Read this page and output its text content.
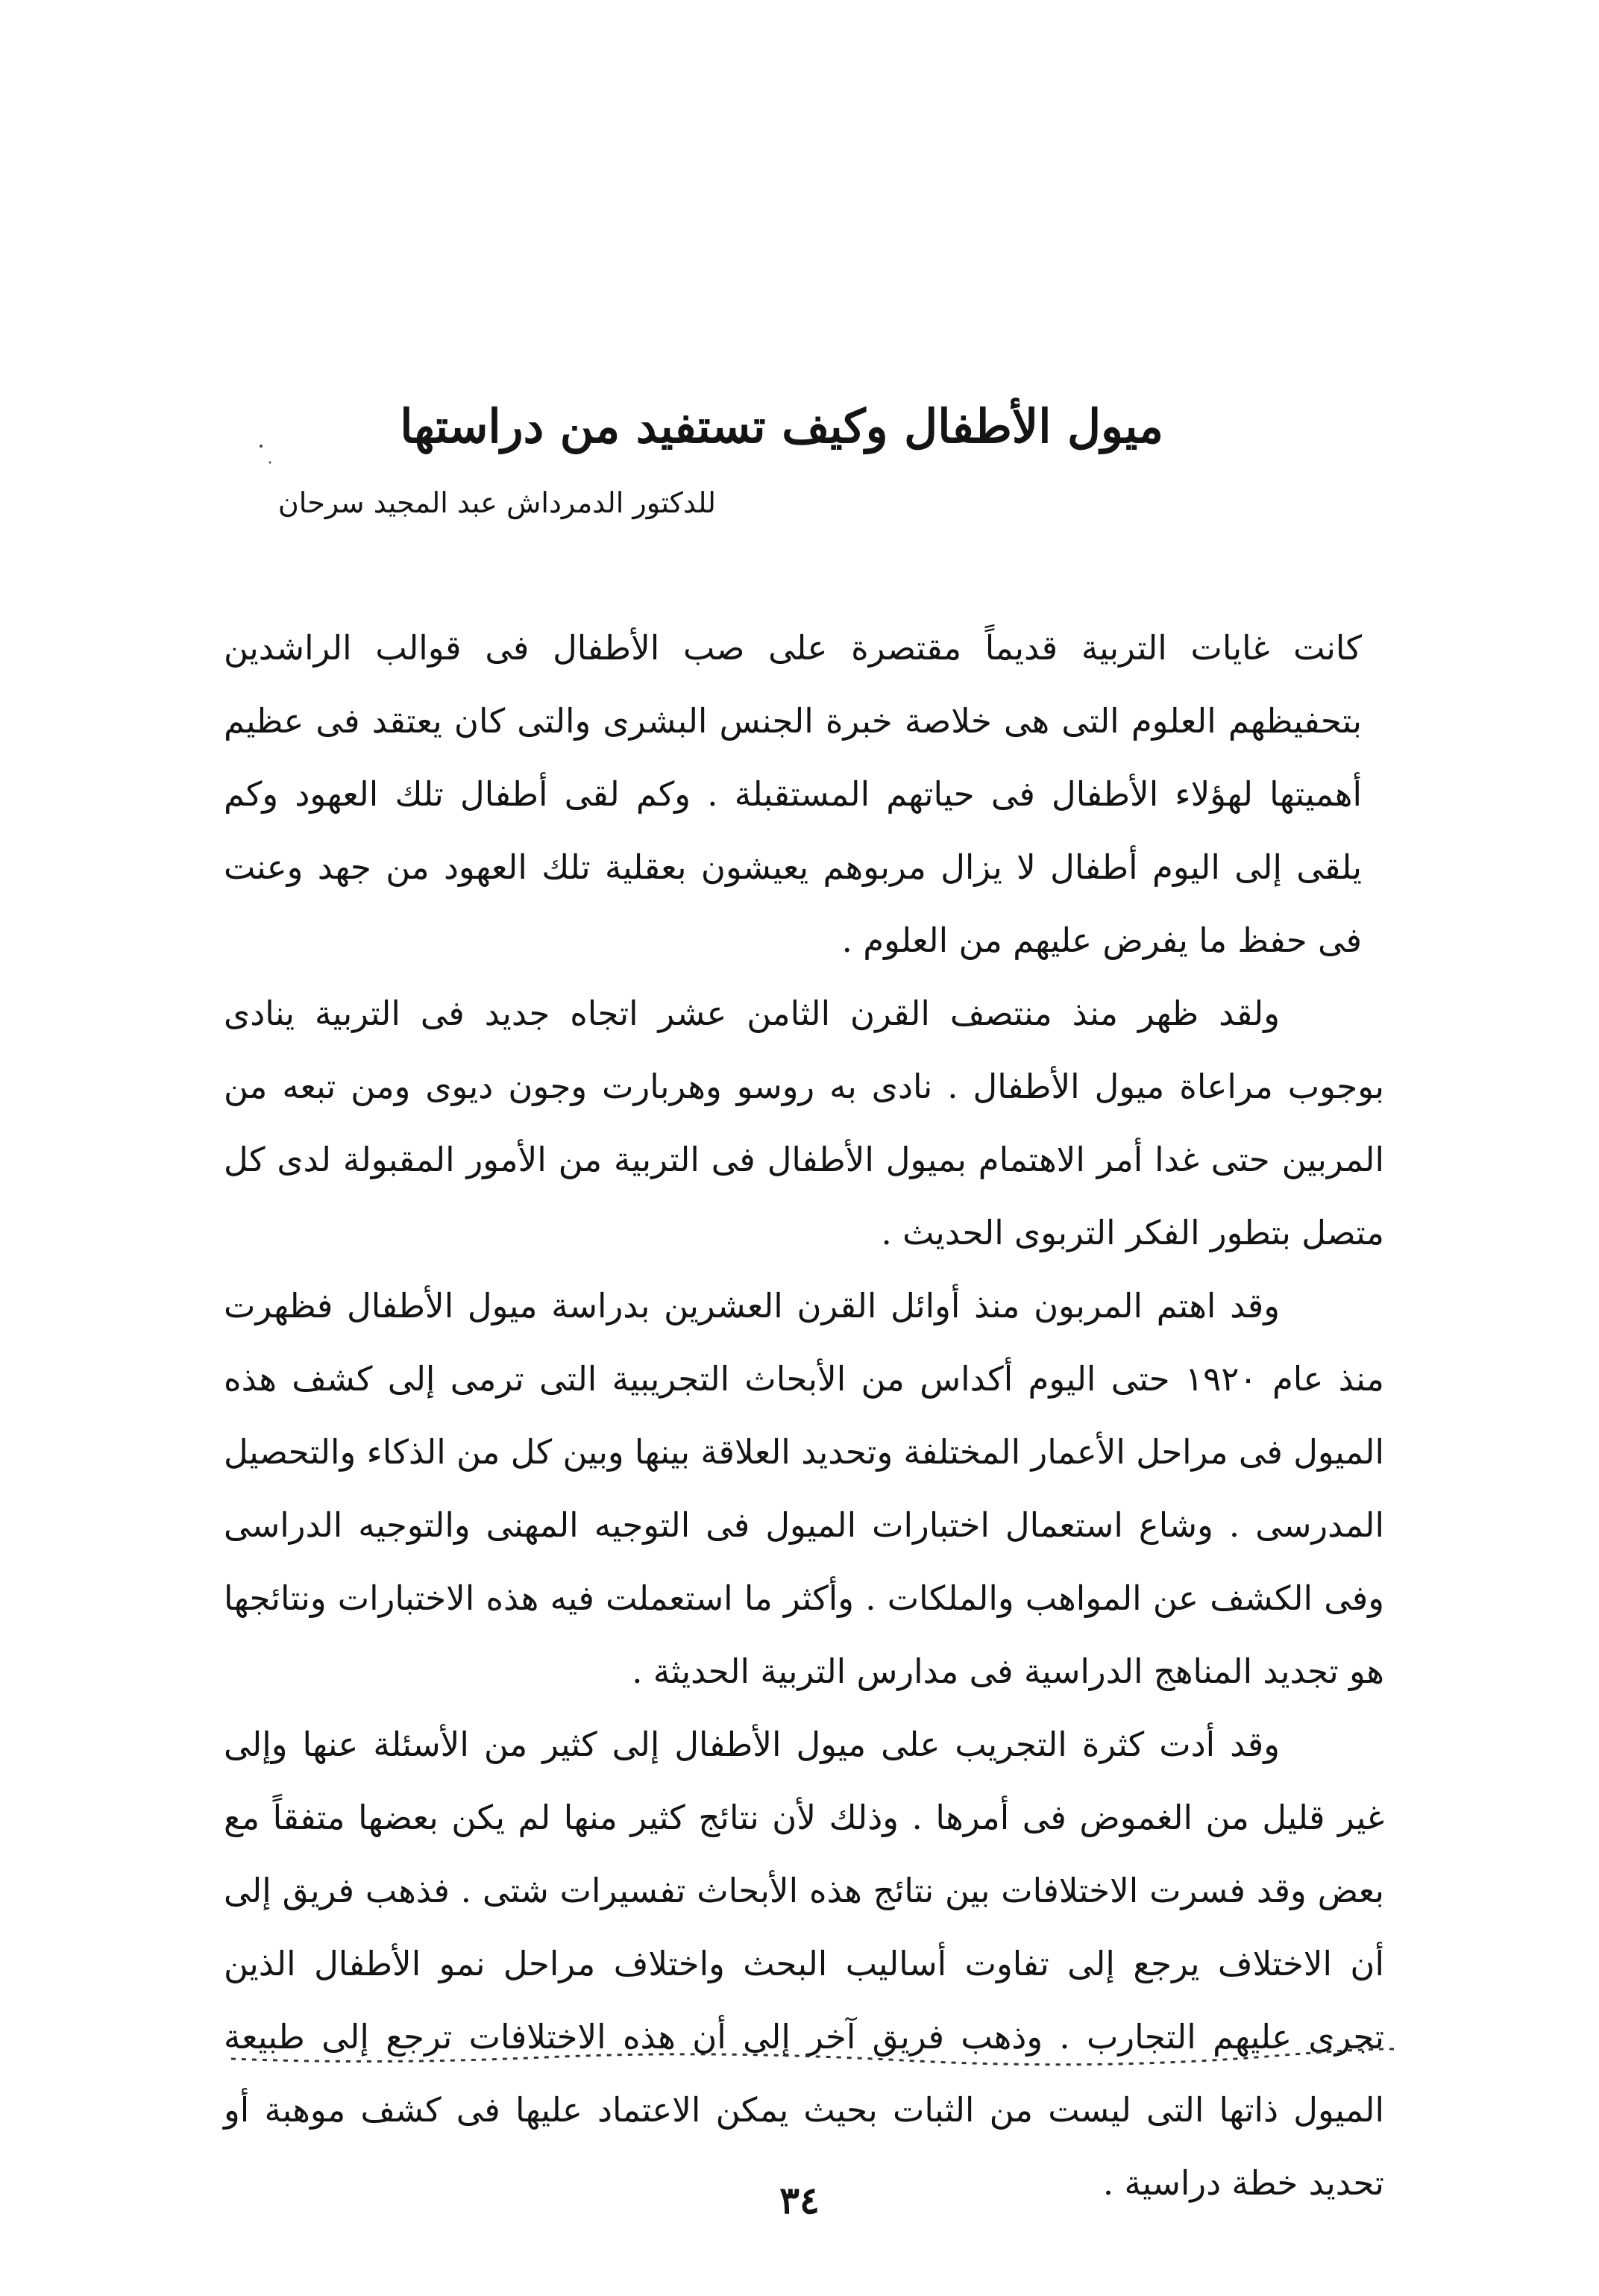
ميول الأطفال وكيف تستفيد من دراستها
للدكتور الدمرداش عبد المجيد سرحان

كانت غايات التربية قديماً مقتصرة على صب الأطفال فى قوالب الراشدين بتحفيظهم العلوم التى هى خلاصة خبرة الجنس البشرى والتى كان يعتقد فى عظيم أهميتها لهؤلاء الأطفال فى حياتهم المستقبلة . وكم لقى أطفال تلك العهود وكم يلقى إلى اليوم أطفال لا يزال مربوهم يعيشون بعقلية تلك العهود من جهد وعنت فى حفظ ما يفرض عليهم من العلوم .

ولقد ظهر منذ منتصف القرن الثامن عشر اتجاه جديد فى التربية ينادى بوجوب مراعاة ميول الأطفال . نادى به روسو وهربارت وجون ديوى ومن تبعه من المربين حتى غدا أمر الاهتمام بميول الأطفال فى التربية من الأمور المقبولة لدى كل متصل بتطور الفكر التربوى الحديث .

وقد اهتم المربون منذ أوائل القرن العشرين بدراسة ميول الأطفال فظهرت منذ عام ١٩٢٠ حتى اليوم أكداس من الأبحاث التجريبية التى ترمى إلى كشف هذه الميول فى مراحل الأعمار المختلفة وتحديد العلاقة بينها وبين كل من الذكاء والتحصيل المدرسى . وشاع استعمال اختبارات الميول فى التوجيه المهنى والتوجيه الدراسى وفى الكشف عن المواهب والملكات . وأكثر ما استعملت فيه هذه الاختبارات ونتائجها هو تجديد المناهج الدراسية فى مدارس التربية الحديثة .

وقد أدت كثرة التجريب على ميول الأطفال إلى كثير من الأسئلة عنها وإلى غير قليل من الغموض فى أمرها . وذلك لأن نتائج كثير منها لم يكن بعضها متفقاً مع بعض وقد فسرت الاختلافات بين نتائج هذه الأبحاث تفسيرات شتى . فذهب فريق إلى أن الاختلاف يرجع إلى تفاوت أساليب البحث واختلاف مراحل نمو الأطفال الذين تجرى عليهم التجارب . وذهب فريق آخر إلى أن هذه الاختلافات ترجع إلى طبيعة الميول ذاتها التى ليست من الثبات بحيث يمكن الاعتماد عليها فى كشف موهبة أو تحديد خطة دراسية .

٣٤
